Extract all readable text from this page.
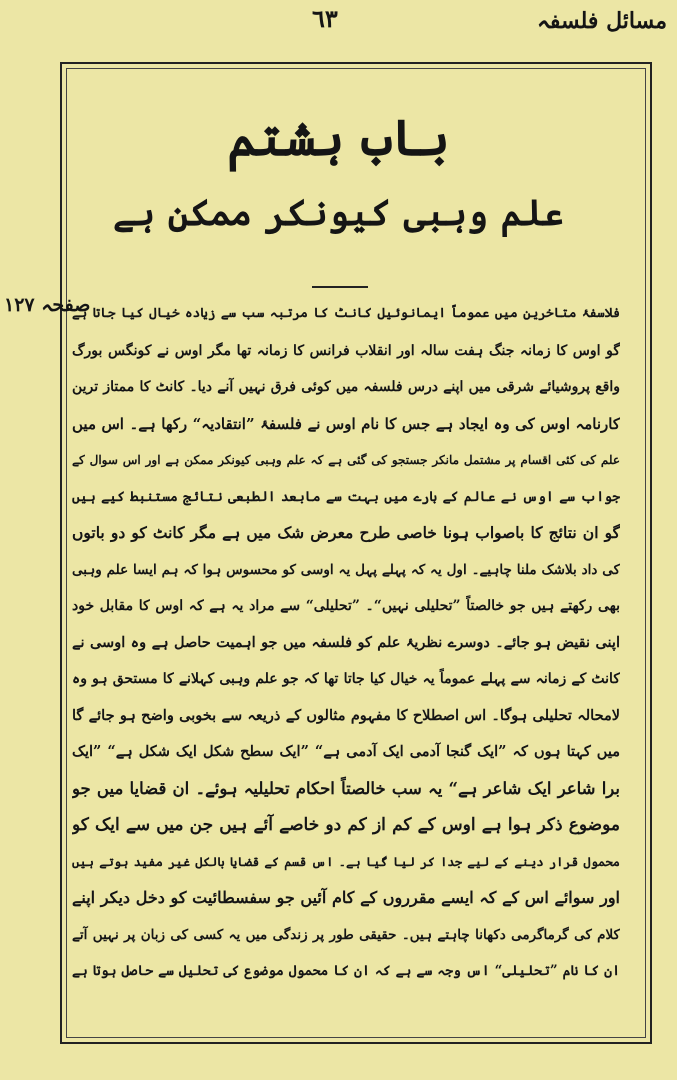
٦٣	مسائل فلسفہ

باب ہشتم
علم وہبی کیونکر ممکن ہے

صفحہ ١٢٧

فلاسفۂ متاخرین میں عموماً ایمانوئیل کانٹ کا مرتبہ سب سے زیادہ خیال کیا جاتا ہے
گو اوس کا زمانہ جنگ ہفت سالہ اور انقلاب فرانس کا زمانہ تھا مگر اوس نے کونگس بورگ
واقع پروشیائے شرقی میں اپنے درس فلسفہ میں کوئی فرق نہیں آنے دیا۔ کانٹ کا ممتاز ترین
کارنامہ اوس کی وہ ایجاد ہے جس کا نام اوس نے فلسفۂ ”انتقادیہ“ رکھا ہے۔ اس میں
علم کی کئی اقسام پر مشتمل مانکر جستجو کی گئی ہے کہ علم وہبی کیونکر ممکن ہے اور اس سوال کے
جواب سے اوس نے عالم کے بارے میں بہت سے مابعد الطبعی نتائج مستنبط کیے ہیں
گو ان نتائج کا باصواب ہونا خاصی طرح معرض شک میں ہے مگر کانٹ کو دو باتوں
کی داد بلاشک ملنا چاہیے۔ اول یہ کہ پہلے پہل یہ اوسی کو محسوس ہوا کہ ہم ایسا علم وہبی
بھی رکھتے ہیں جو خالصتاً ”تحلیلی نہیں“۔ ”تحلیلی“ سے مراد یہ ہے کہ اوس کا مقابل خود
اپنی نقیض ہو جائے۔ دوسرے نظریۂ علم کو فلسفہ میں جو اہمیت حاصل ہے وہ اوسی نے
کانٹ کے زمانہ سے پہلے عموماً یہ خیال کیا جاتا تھا کہ جو علم وہبی کہلانے کا مستحق ہو وہ
لامحالہ تحلیلی ہوگا۔ اس اصطلاح کا مفہوم مثالوں کے ذریعہ سے بخوبی واضح ہو جائے گا
میں کہتا ہوں کہ ”ایک گنجا آدمی ایک آدمی ہے“ ”ایک سطح شکل ایک شکل ہے“ ”ایک
برا شاعر ایک شاعر ہے“ یہ سب خالصتاً احکام تحلیلیہ ہوئے۔ ان قضایا میں جو
موضوع ذکر ہوا ہے اوس کے کم از کم دو خاصے آئے ہیں جن میں سے ایک کو
محمول قرار دینے کے لیے جدا کر لیا گیا ہے۔ اس قسم کے قضایا بالکل غیر مفید ہوتے ہیں
اور سوائے اس کے کہ ایسے مقرروں کے کام آئیں جو سفسطائیت کو دخل دیکر اپنے
کلام کی گرماگرمی دکھانا چاہتے ہیں۔ حقیقی طور پر زندگی میں یہ کسی کی زبان پر نہیں آتے
ان کا نام ”تحلیلی“ اس وجہ سے ہے کہ ان کا محمول موضوع کی تحلیل سے حاصل ہوتا ہے
